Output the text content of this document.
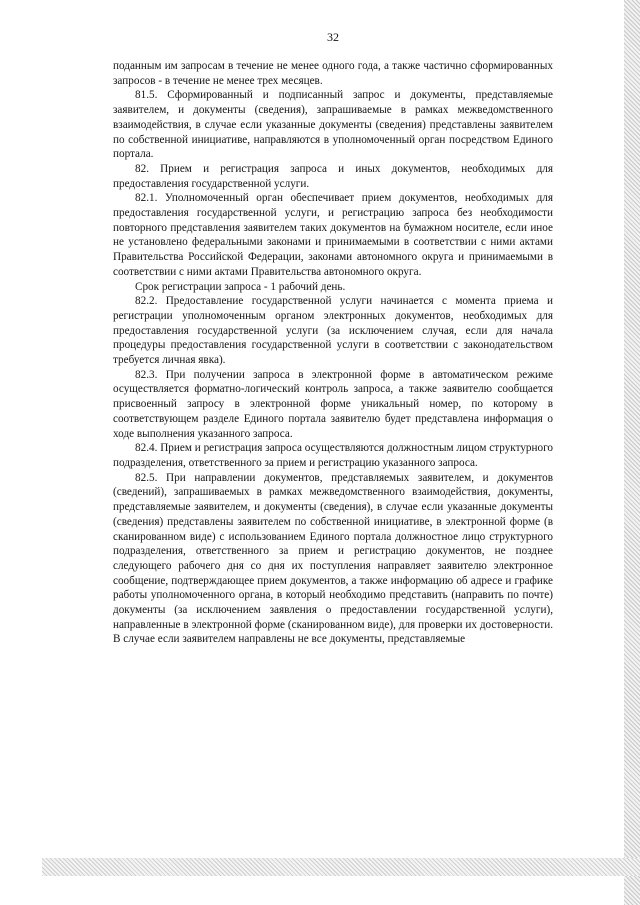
32

поданным им запросам в течение не менее одного года, а также частично сформированных запросов - в течение не менее трех месяцев.

81.5. Сформированный и подписанный запрос и документы, представляемые заявителем, и документы (сведения), запрашиваемые в рамках межведомственного взаимодействия, в случае если указанные документы (сведения) представлены заявителем по собственной инициативе, направляются в уполномоченный орган посредством Единого портала.

82. Прием и регистрация запроса и иных документов, необходимых для предоставления государственной услуги.

82.1. Уполномоченный орган обеспечивает прием документов, необходимых для предоставления государственной услуги, и регистрацию запроса без необходимости повторного представления заявителем таких документов на бумажном носителе, если иное не установлено федеральными законами и принимаемыми в соответствии с ними актами Правительства Российской Федерации, законами автономного округа и принимаемыми в соответствии с ними актами Правительства автономного округа.

Срок регистрации запроса - 1 рабочий день.

82.2. Предоставление государственной услуги начинается с момента приема и регистрации уполномоченным органом электронных документов, необходимых для предоставления государственной услуги (за исключением случая, если для начала процедуры предоставления государственной услуги в соответствии с законодательством требуется личная явка).

82.3. При получении запроса в электронной форме в автоматическом режиме осуществляется форматно-логический контроль запроса, а также заявителю сообщается присвоенный запросу в электронной форме уникальный номер, по которому в соответствующем разделе Единого портала заявителю будет представлена информация о ходе выполнения указанного запроса.

82.4. Прием и регистрация запроса осуществляются должностным лицом структурного подразделения, ответственного за прием и регистрацию указанного запроса.

82.5. При направлении документов, представляемых заявителем, и документов (сведений), запрашиваемых в рамках межведомственного взаимодействия, документы, представляемые заявителем, и документы (сведения), в случае если указанные документы (сведения) представлены заявителем по собственной инициативе, в электронной форме (в сканированном виде) с использованием Единого портала должностное лицо структурного подразделения, ответственного за прием и регистрацию документов, не позднее следующего рабочего дня со дня их поступления направляет заявителю электронное сообщение, подтверждающее прием документов, а также информацию об адресе и графике работы уполномоченного органа, в который необходимо представить (направить по почте) документы (за исключением заявления о предоставлении государственной услуги), направленные в электронной форме (сканированном виде), для проверки их достоверности. В случае если заявителем направлены не все документы, представляемые
